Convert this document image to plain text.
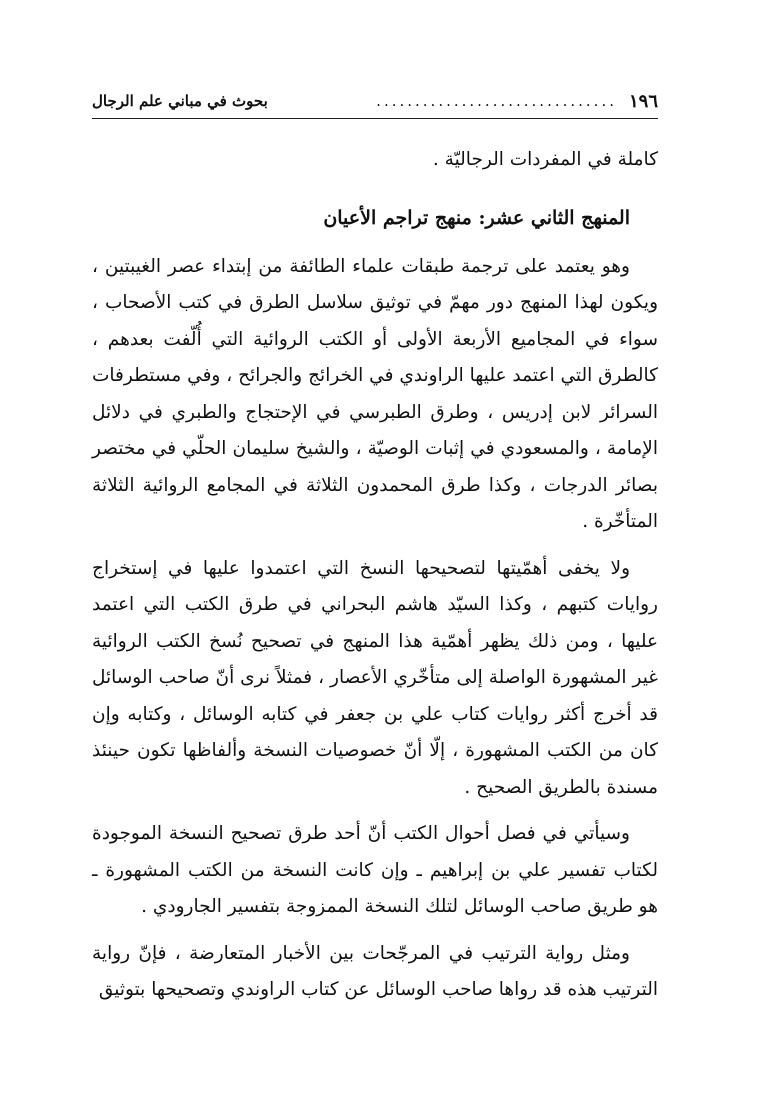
١٩٦
...............................
بحوث في مباني علم الرجال

كاملة في المفردات الرجاليّة .

المنهج الثاني عشر: منهج تراجم الأعيان

وهو يعتمد على ترجمة طبقات علماء الطائفة من إبتداء عصر الغيبتين ، ويكون لهذا المنهج دور مهمّ في توثيق سلاسل الطرق في كتب الأصحاب ، سواء في المجاميع الأربعة الأولى أو الكتب الروائية التي أُلّفت بعدهم ، كالطرق التي اعتمد عليها الراوندي في الخرائج والجرائح ، وفي مستطرفات السرائر لابن إدريس ، وطرق الطبرسي في الإحتجاج والطبري في دلائل الإمامة ، والمسعودي في إثبات الوصيّة ، والشيخ سليمان الحلّي في مختصر بصائر الدرجات ، وكذا طرق المحمدون الثلاثة في المجامع الروائية الثلاثة المتأخّرة .

ولا يخفى أهمّيتها لتصحيحها النسخ التي اعتمدوا عليها في إستخراج روايات كتبهم ، وكذا السيّد هاشم البحراني في طرق الكتب التي اعتمد عليها ، ومن ذلك يظهر أهمّية هذا المنهج في تصحيح نُسخ الكتب الروائية غير المشهورة الواصلة إلى متأخّري الأعصار ، فمثلاً نرى أنّ صاحب الوسائل قد أخرج أكثر روايات كتاب علي بن جعفر في كتابه الوسائل ، وكتابه وإن كان من الكتب المشهورة ، إلّا أنّ خصوصيات النسخة وألفاظها تكون حينئذ مسندة بالطريق الصحيح .

وسيأتي في فصل أحوال الكتب أنّ أحد طرق تصحيح النسخة الموجودة لكتاب تفسير علي بن إبراهيم ـ وإن كانت النسخة من الكتب المشهورة ـ هو طريق صاحب الوسائل لتلك النسخة الممزوجة بتفسير الجارودي .

ومثل رواية الترتيب في المرجّحات بين الأخبار المتعارضة ، فإنّ رواية الترتيب هذه قد رواها صاحب الوسائل عن كتاب الراوندي وتصحيحها بتوثيق
